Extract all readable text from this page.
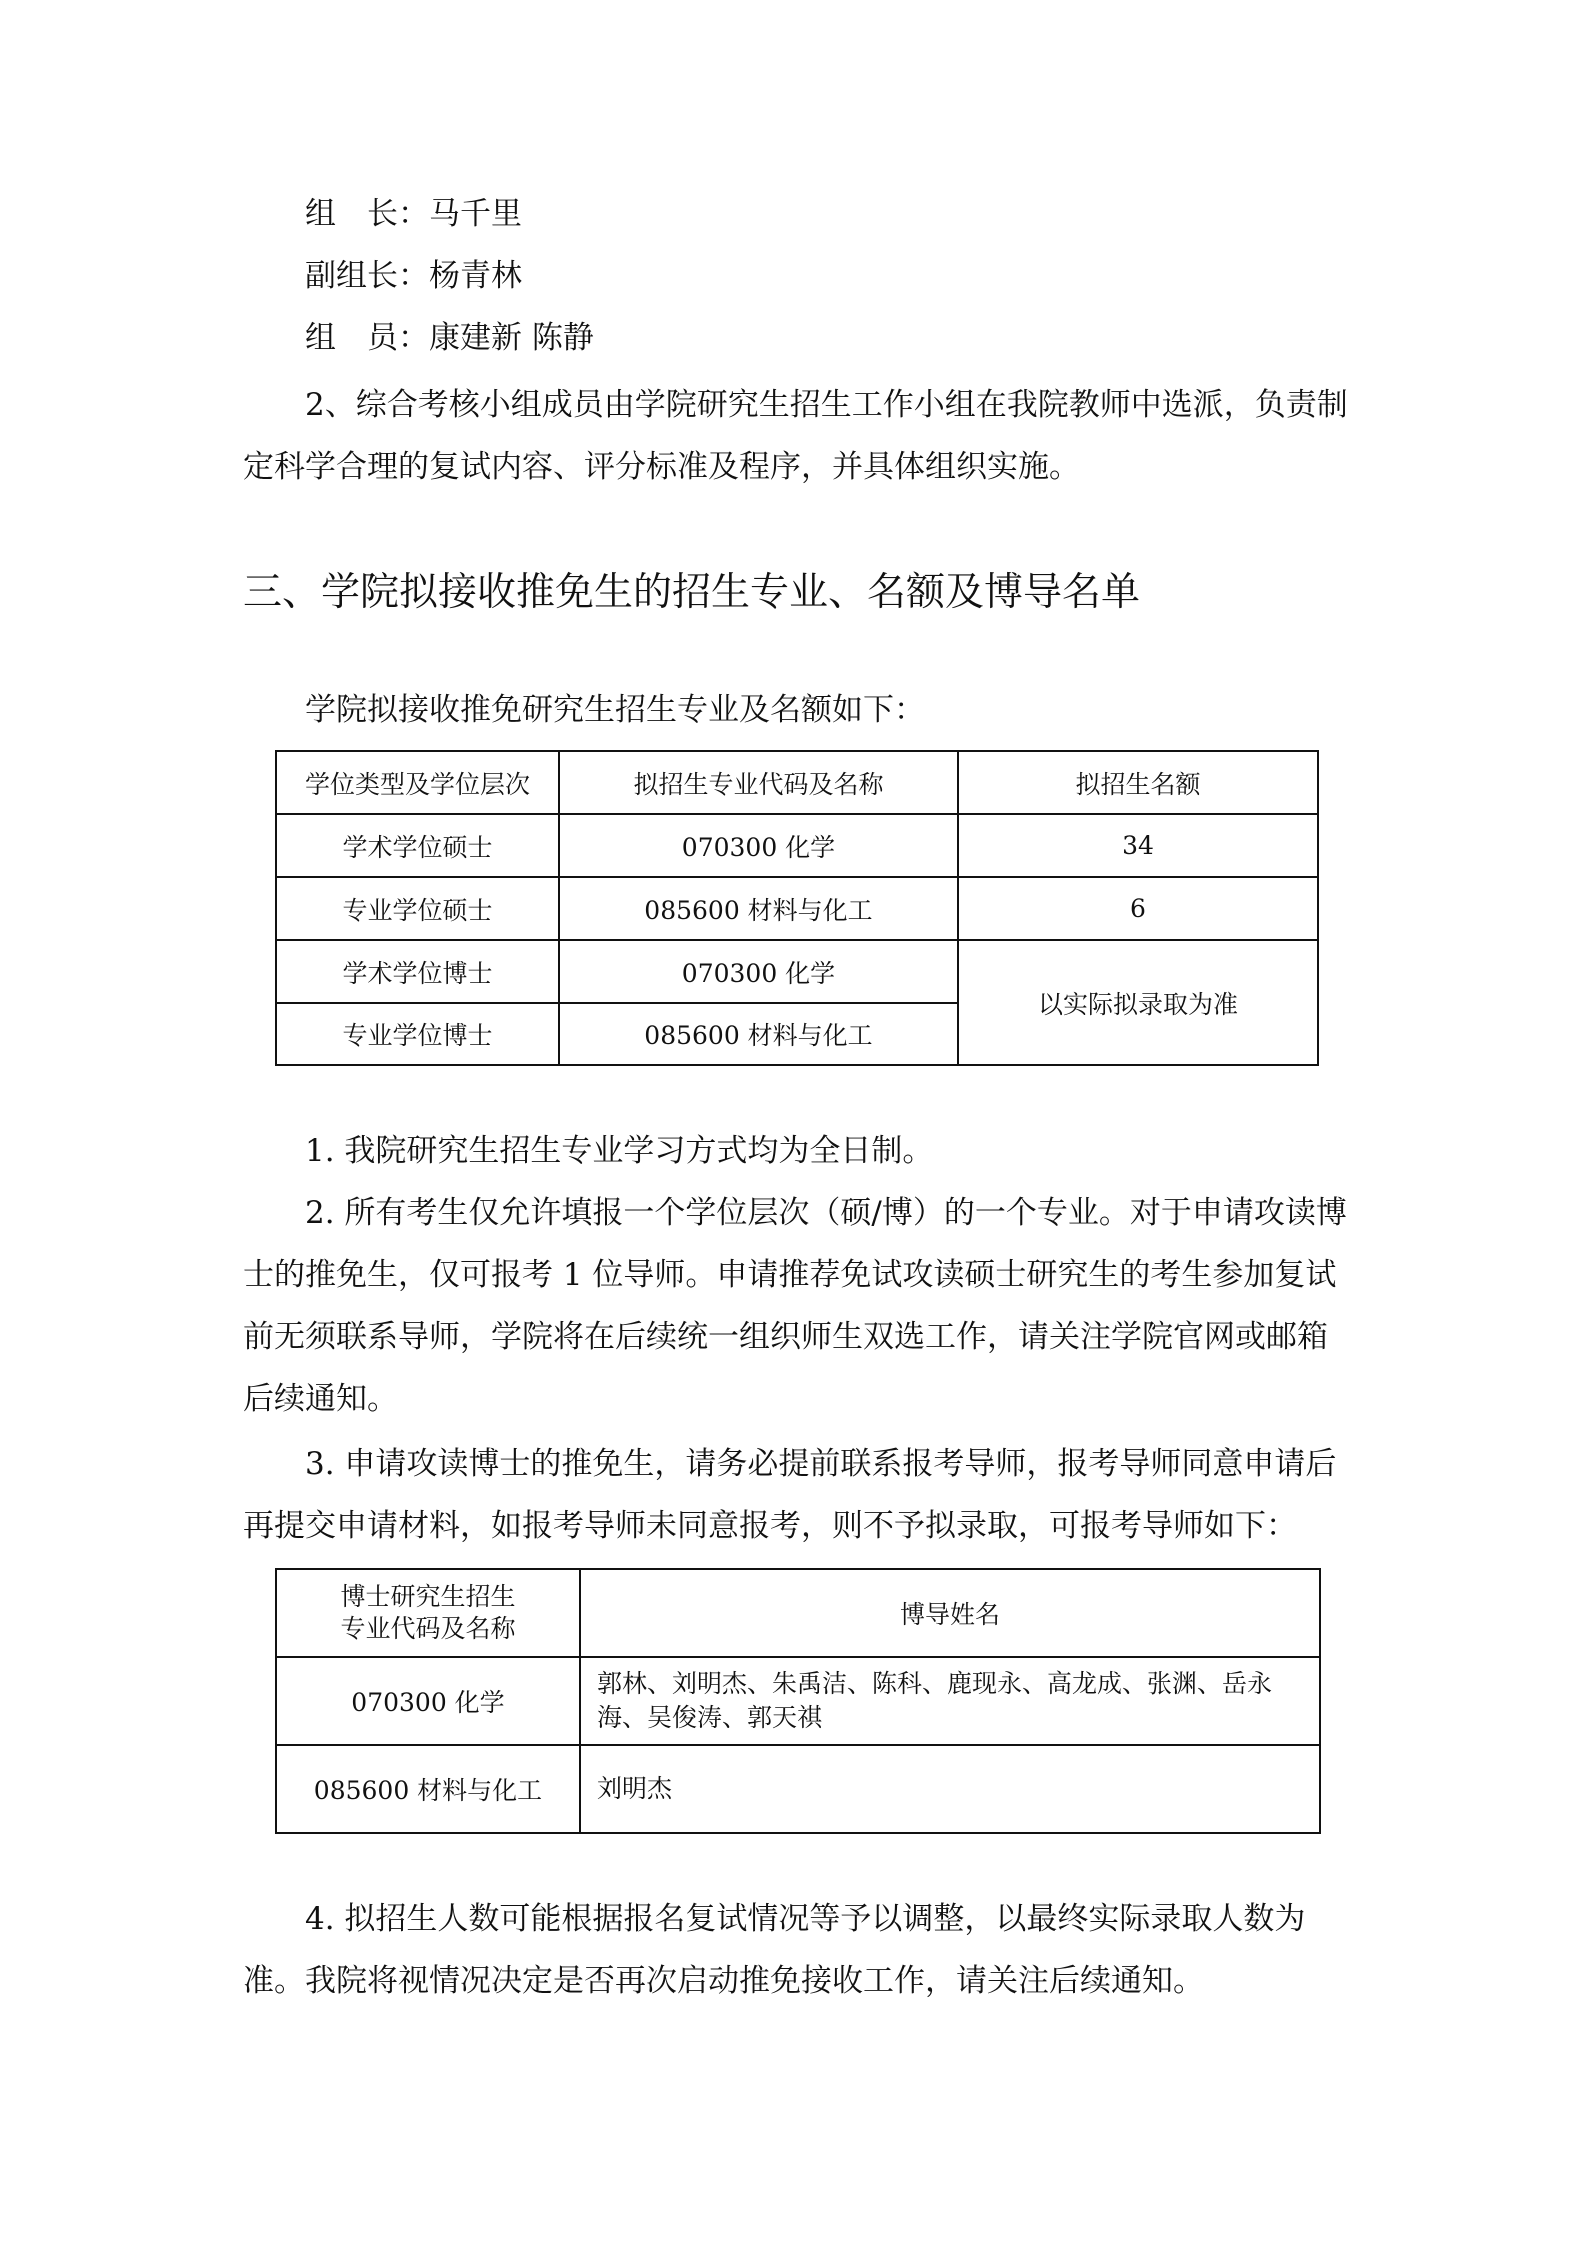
组　长：马千里
副组长：杨青林
组　员：康建新 陈静

2、综合考核小组成员由学院研究生招生工作小组在我院教师中选派，负责制定科学合理的复试内容、评分标准及程序，并具体组织实施。

三、学院拟接收推免生的招生专业、名额及博导名单
学院拟接收推免研究生招生专业及名额如下：
学位类型及学位层次	拟招生专业代码及名称	拟招生名额
学术学位硕士	070300 化学	34
专业学位硕士	085600 材料与化工	6
学术学位博士	070300 化学	以实际拟录取为准
专业学位博士	085600 材料与化工	

1. 我院研究生招生专业学习方式均为全日制。

2. 所有考生仅允许填报一个学位层次（硕/博）的一个专业。对于申请攻读博士的推免生，仅可报考 1 位导师。申请推荐免试攻读硕士研究生的考生参加复试前无须联系导师，学院将在后续统一组织师生双选工作，请关注学院官网或邮箱后续通知。

3. 申请攻读博士的推免生，请务必提前联系报考导师，报考导师同意申请后再提交申请材料，如报考导师未同意报考，则不予拟录取，可报考导师如下：

博士研究生招生
专业代码及名称	博导姓名
070300 化学	郭林、刘明杰、朱禹洁、陈科、鹿现永、高龙成、张渊、岳永海、吴俊涛、郭天祺
085600 材料与化工	刘明杰

4. 拟招生人数可能根据报名复试情况等予以调整，以最终实际录取人数为准。我院将视情况决定是否再次启动推免接收工作，请关注后续通知。
